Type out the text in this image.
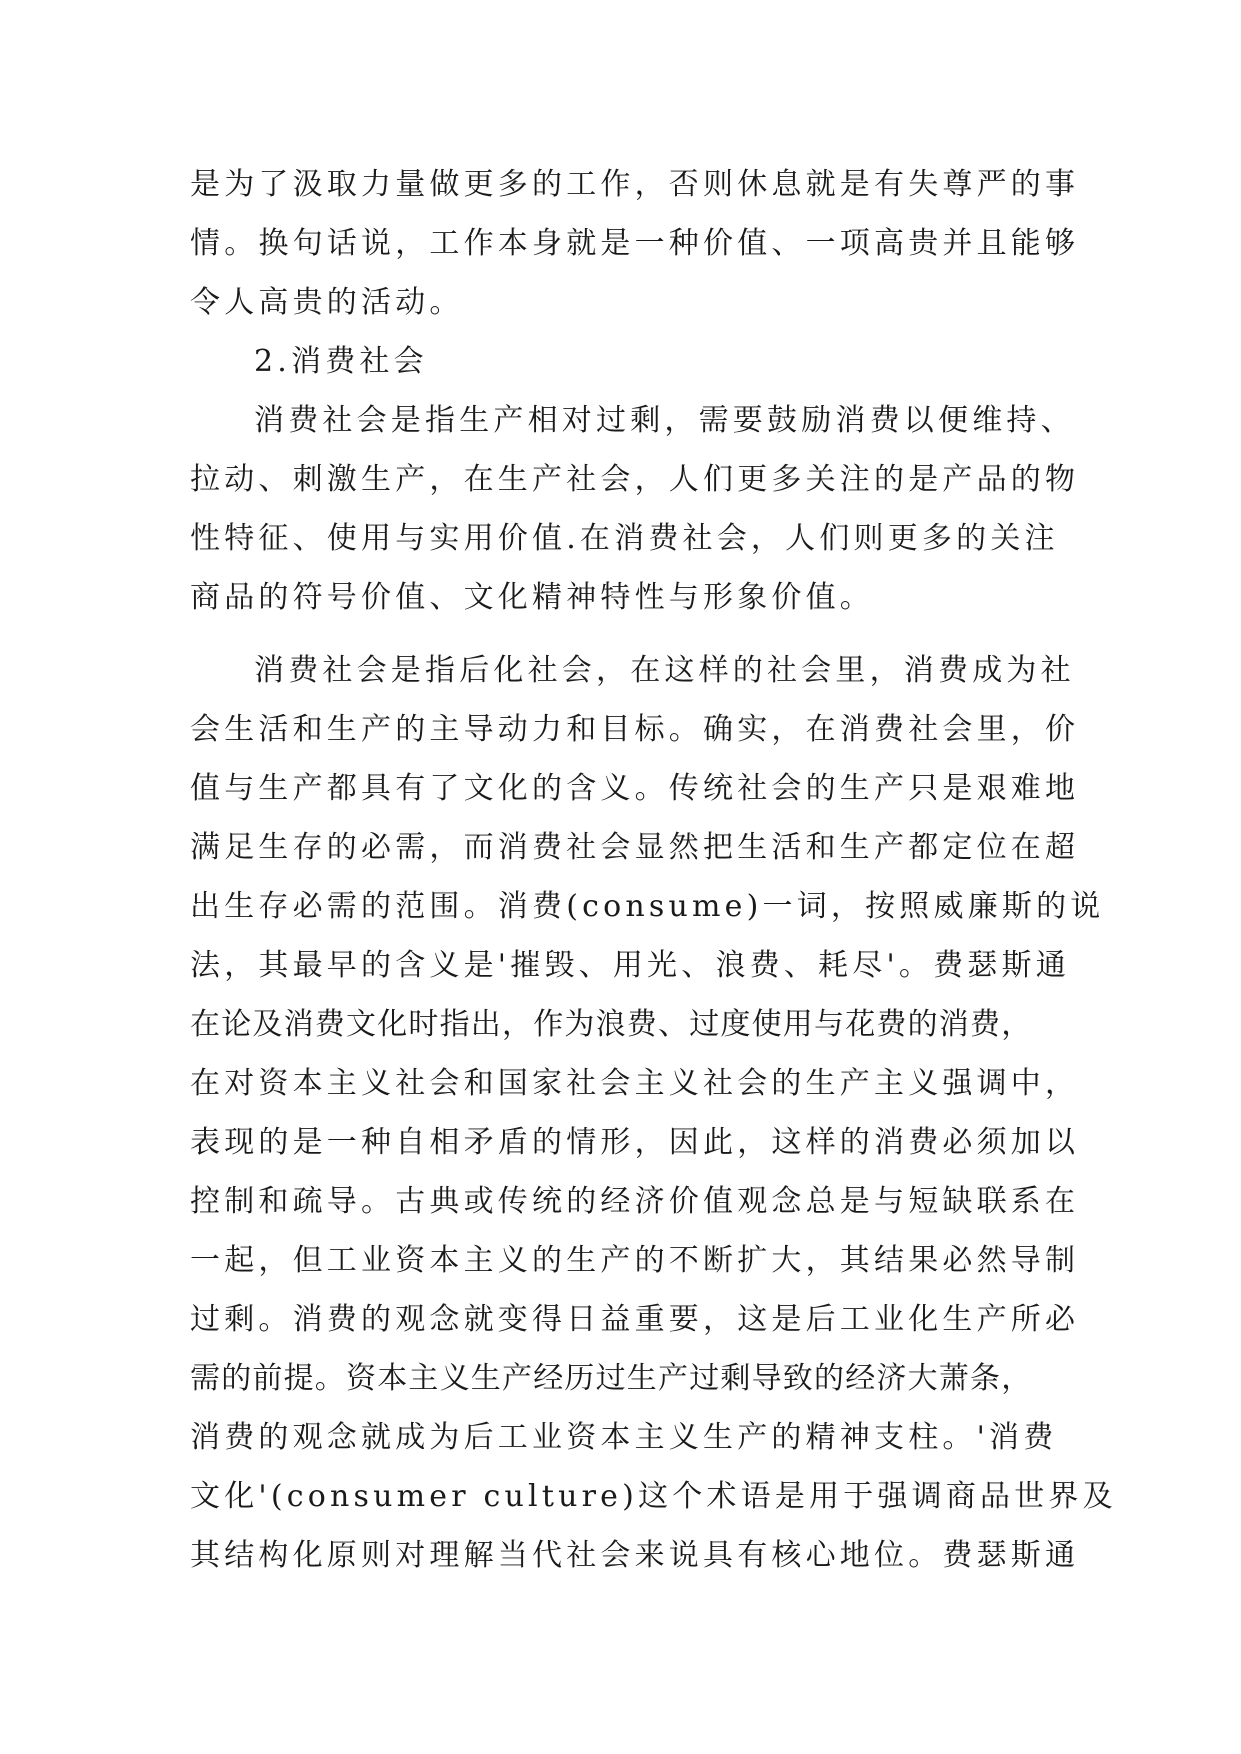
是为了汲取力量做更多的工作，否则休息就是有失尊严的事
情。换句话说，工作本身就是一种价值、一项高贵并且能够
令人高贵的活动。
2.消费社会
消费社会是指生产相对过剩，需要鼓励消费以便维持、
拉动、刺激生产，在生产社会，人们更多关注的是产品的物
性特征、使用与实用价值.在消费社会，人们则更多的关注
商品的符号价值、文化精神特性与形象价值。
消费社会是指后化社会，在这样的社会里，消费成为社
会生活和生产的主导动力和目标。确实，在消费社会里，价
值与生产都具有了文化的含义。传统社会的生产只是艰难地
满足生存的必需，而消费社会显然把生活和生产都定位在超
出生存必需的范围。消费(consume)一词，按照威廉斯的说
法，其最早的含义是'摧毁、用光、浪费、耗尽'。费瑟斯通
在论及消费文化时指出，作为浪费、过度使用与花费的消费，
在对资本主义社会和国家社会主义社会的生产主义强调中，
表现的是一种自相矛盾的情形，因此，这样的消费必须加以
控制和疏导。古典或传统的经济价值观念总是与短缺联系在
一起，但工业资本主义的生产的不断扩大，其结果必然导制
过剩。消费的观念就变得日益重要，这是后工业化生产所必
需的前提。资本主义生产经历过生产过剩导致的经济大萧条，
消费的观念就成为后工业资本主义生产的精神支柱。'消费
文化'(consumer culture)这个术语是用于强调商品世界及
其结构化原则对理解当代社会来说具有核心地位。费瑟斯通
